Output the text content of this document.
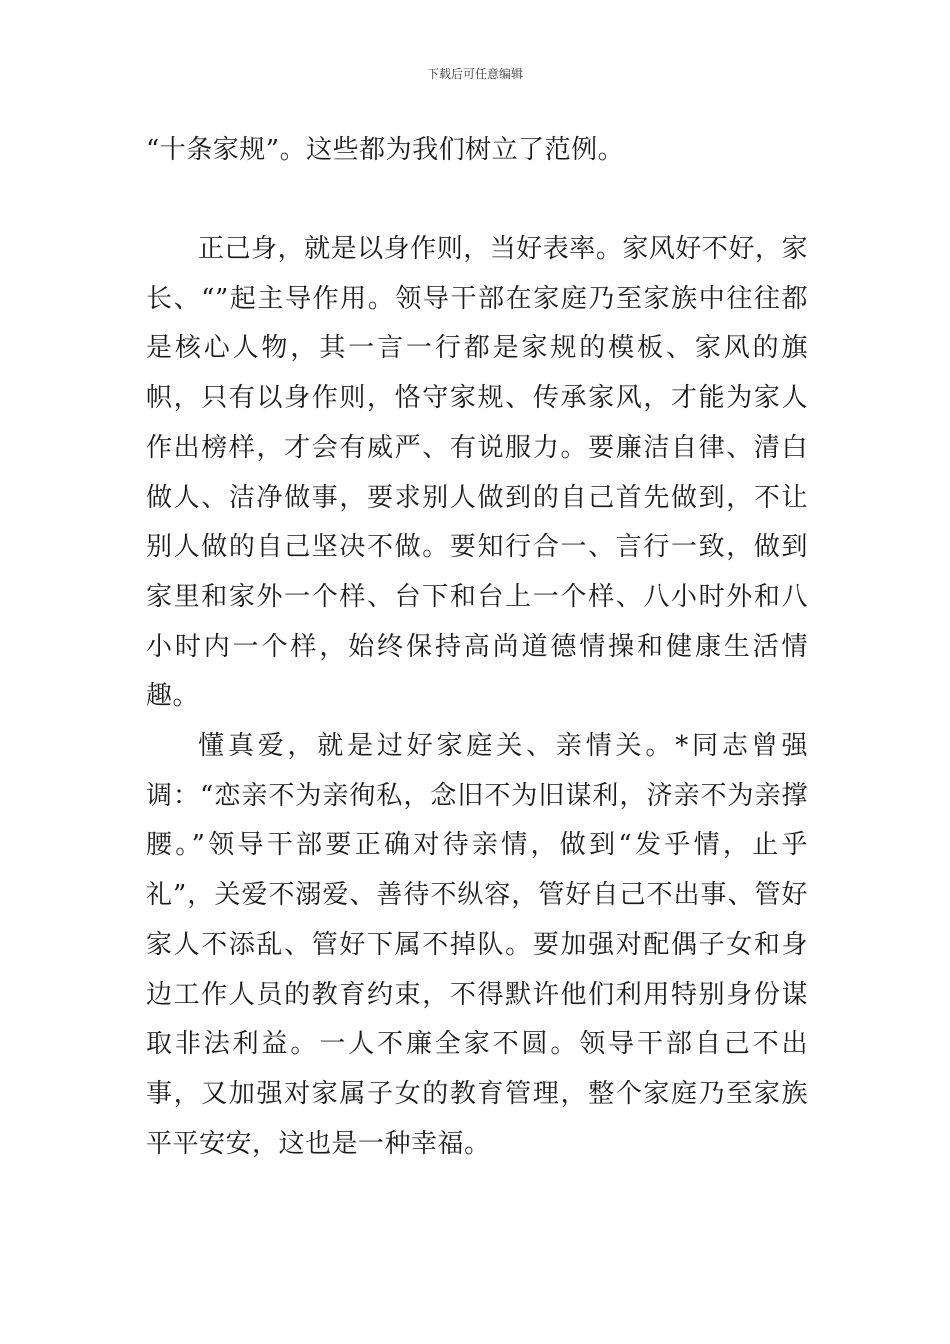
下载后可任意编辑

“十条家规”。这些都为我们树立了范例。

正己身，就是以身作则，当好表率。家风好不好，家长、“”起主导作用。领导干部在家庭乃至家族中往往都是核心人物，其一言一行都是家规的模板、家风的旗帜，只有以身作则，恪守家规、传承家风，才能为家人作出榜样，才会有威严、有说服力。要廉洁自律、清白做人、洁净做事，要求别人做到的自己首先做到，不让别人做的自己坚决不做。要知行合一、言行一致，做到家里和家外一个样、台下和台上一个样、八小时外和八小时内一个样，始终保持高尚道德情操和健康生活情趣。

懂真爱，就是过好家庭关、亲情关。*同志曾强调：“恋亲不为亲徇私，念旧不为旧谋利，济亲不为亲撑腰。”领导干部要正确对待亲情，做到“发乎情，止乎礼”，关爱不溺爱、善待不纵容，管好自己不出事、管好家人不添乱、管好下属不掉队。要加强对配偶子女和身边工作人员的教育约束，不得默许他们利用特别身份谋取非法利益。一人不廉全家不圆。领导干部自己不出事，又加强对家属子女的教育管理，整个家庭乃至家族平平安安，这也是一种幸福。
